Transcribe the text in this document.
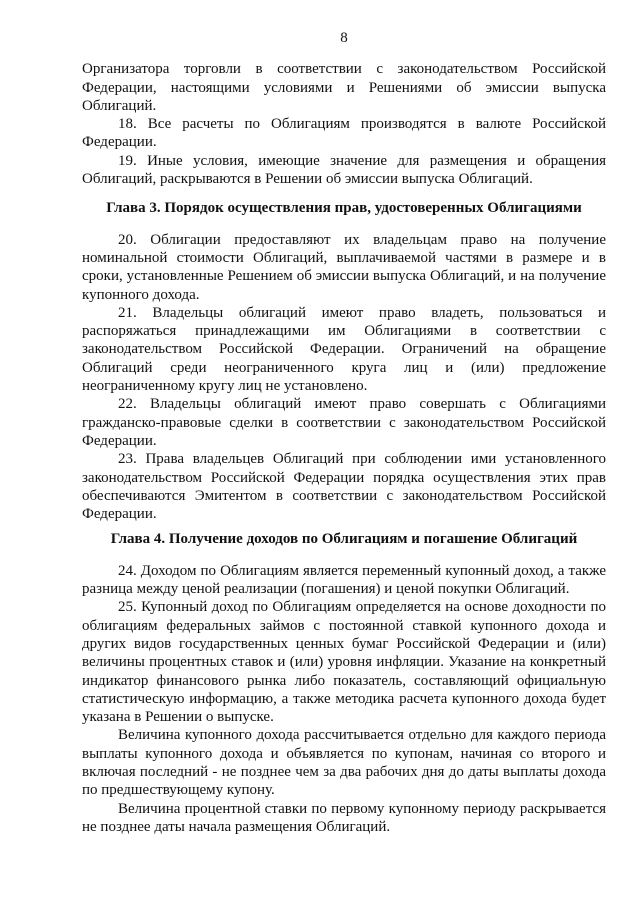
8

Организатора торговли в соответствии с законодательством Российской Федерации, настоящими условиями и Решениями об эмиссии выпуска Облигаций.

18. Все расчеты по Облигациям производятся в валюте Российской Федерации.

19. Иные условия, имеющие значение для размещения и обращения Облигаций, раскрываются в Решении об эмиссии выпуска Облигаций.

Глава 3. Порядок осуществления прав, удостоверенных Облигациями

20. Облигации предоставляют их владельцам право на получение номинальной стоимости Облигаций, выплачиваемой частями в размере и в сроки, установленные Решением об эмиссии выпуска Облигаций, и на получение купонного дохода.

21. Владельцы облигаций имеют право владеть, пользоваться и распоряжаться принадлежащими им Облигациями в соответствии с законодательством Российской Федерации. Ограничений на обращение Облигаций среди неограниченного круга лиц и (или) предложение неограниченному кругу лиц не установлено.

22. Владельцы облигаций имеют право совершать с Облигациями гражданско-правовые сделки в соответствии с законодательством Российской Федерации.

23. Права владельцев Облигаций при соблюдении ими установленного законодательством Российской Федерации порядка осуществления этих прав обеспечиваются Эмитентом в соответствии с законодательством Российской Федерации.

Глава 4. Получение доходов по Облигациям и погашение Облигаций

24. Доходом по Облигациям является переменный купонный доход, а также разница между ценой реализации (погашения) и ценой покупки Облигаций.

25. Купонный доход по Облигациям определяется на основе доходности по облигациям федеральных займов с постоянной ставкой купонного дохода и других видов государственных ценных бумаг Российской Федерации и (или) величины процентных ставок и (или) уровня инфляции. Указание на конкретный индикатор финансового рынка либо показатель, составляющий официальную статистическую информацию, а также методика расчета купонного дохода будет указана в Решении о выпуске.

Величина купонного дохода рассчитывается отдельно для каждого периода выплаты купонного дохода и объявляется по купонам, начиная со второго и включая последний - не позднее чем за два рабочих дня до даты выплаты дохода по предшествующему купону.

Величина процентной ставки по первому купонному периоду раскрывается не позднее даты начала размещения Облигаций.
